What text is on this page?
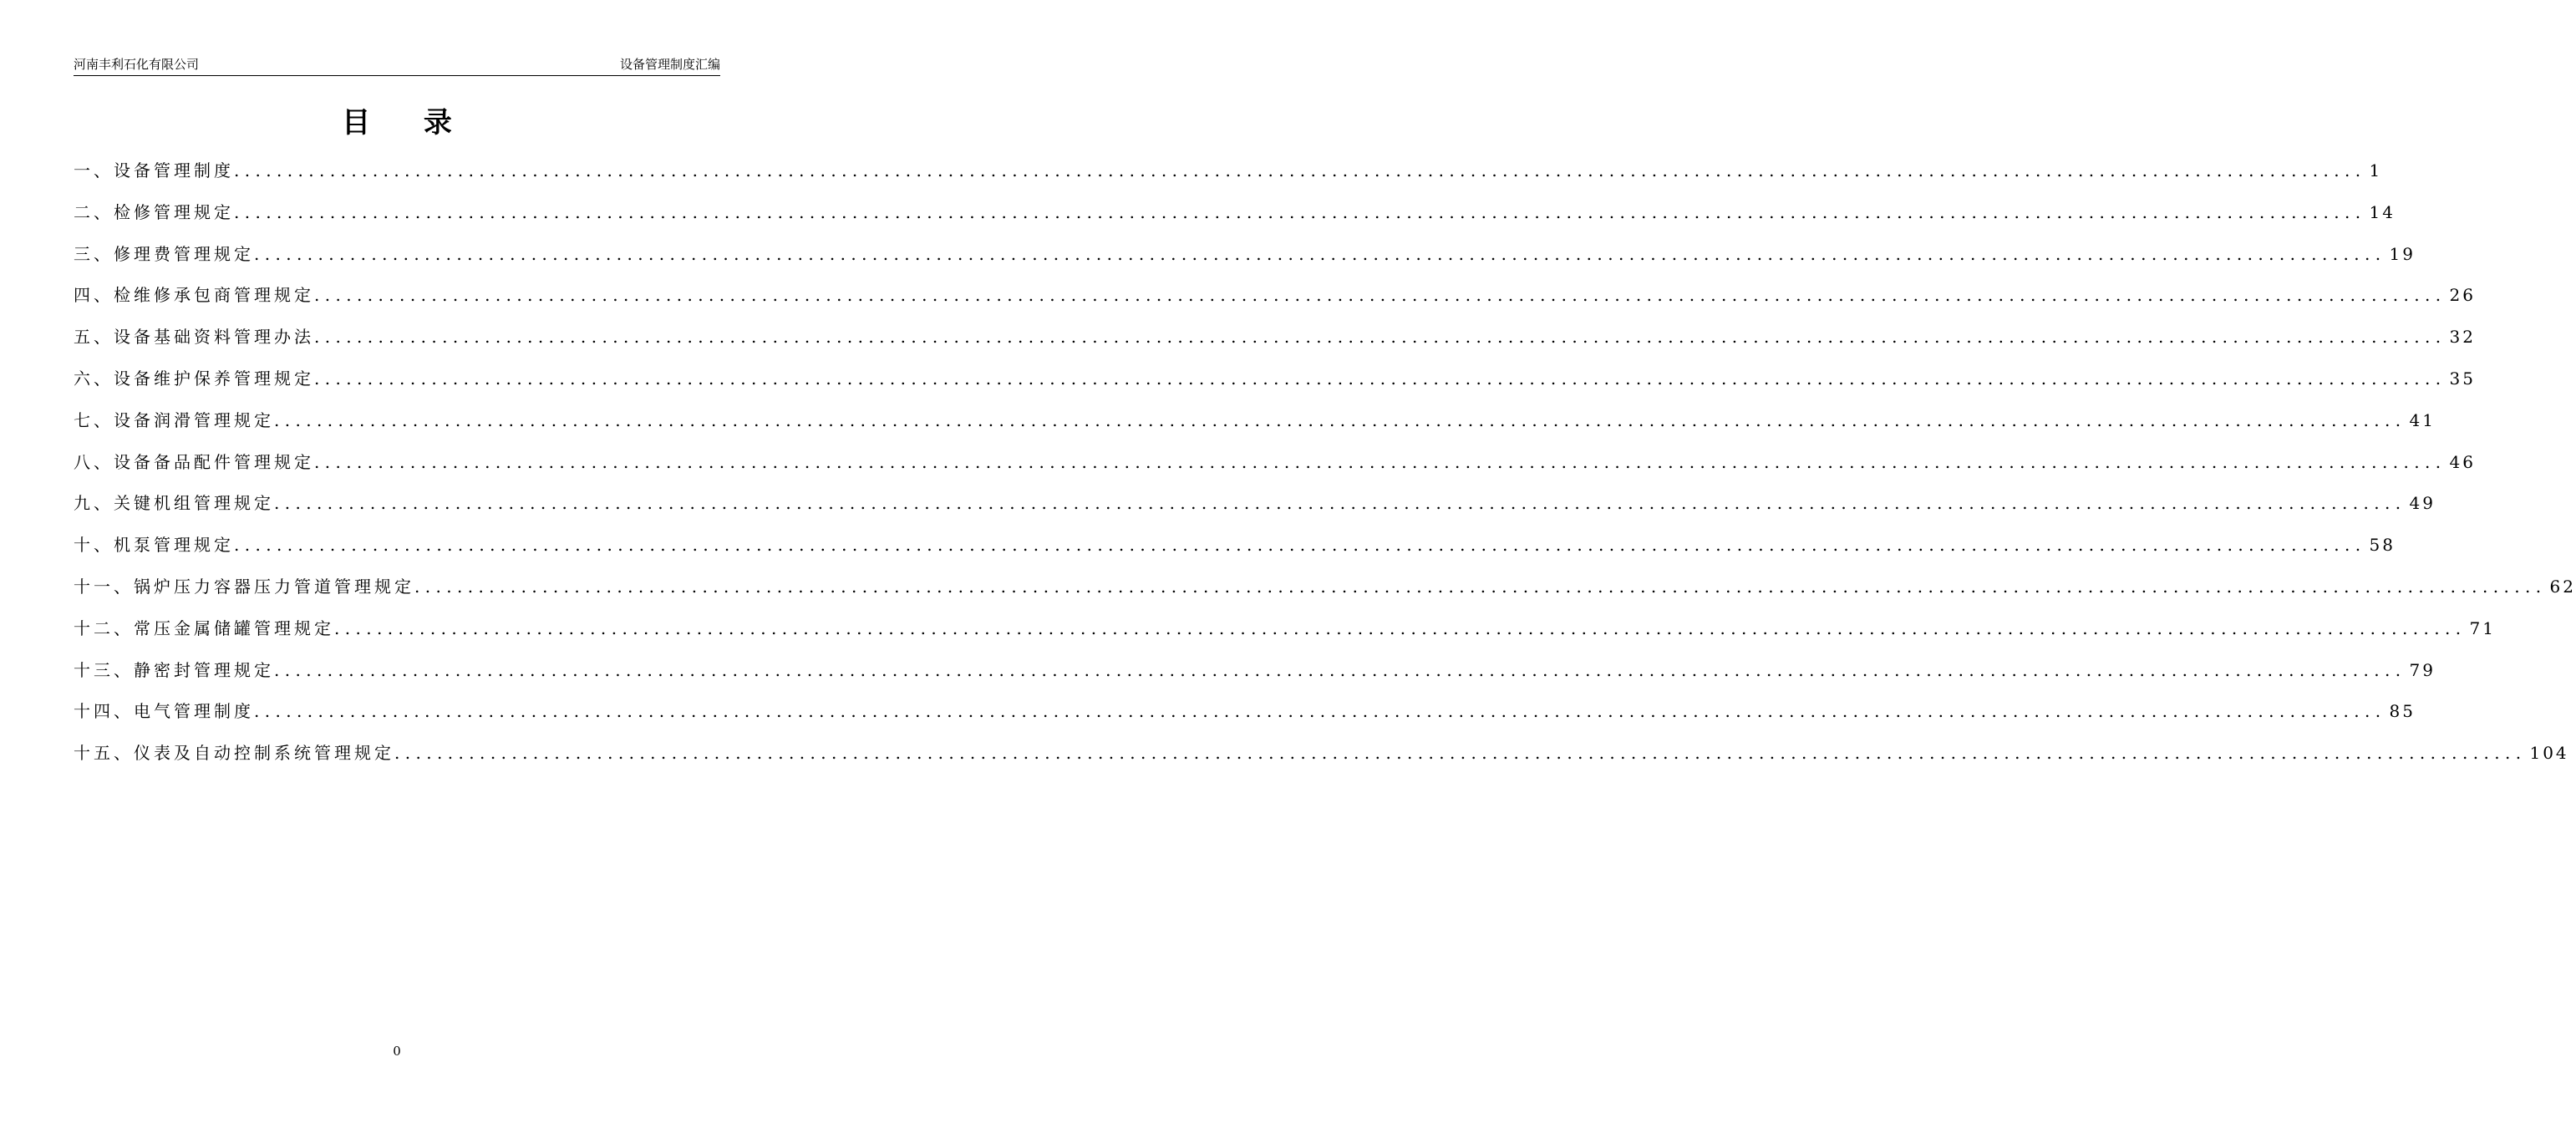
河南丰利石化有限公司	设备管理制度汇编
目 录
一、设备管理制度 ........................................................................................................................................................................................................ 1
二、检修管理规定 ........................................................................................................................................................................................................ 14
三、修理费管理规定 ........................................................................................................................................................................................................ 19
四、检维修承包商管理规定 ........................................................................................................................................................................................................ 26
五、设备基础资料管理办法 ........................................................................................................................................................................................................ 32
六、设备维护保养管理规定 ........................................................................................................................................................................................................ 35
七、设备润滑管理规定 ........................................................................................................................................................................................................ 41
八、设备备品配件管理规定 ........................................................................................................................................................................................................ 46
九、关键机组管理规定 ........................................................................................................................................................................................................ 49
十、机泵管理规定 ........................................................................................................................................................................................................ 58
十一、锅炉压力容器压力管道管理规定 ........................................................................................................................................................................................................ 62
十二、常压金属储罐管理规定 ........................................................................................................................................................................................................ 71
十三、静密封管理规定 ........................................................................................................................................................................................................ 79
十四、电气管理制度 ........................................................................................................................................................................................................ 85
十五、仪表及自动控制系统管理规定 ........................................................................................................................................................................................................ 104
0
